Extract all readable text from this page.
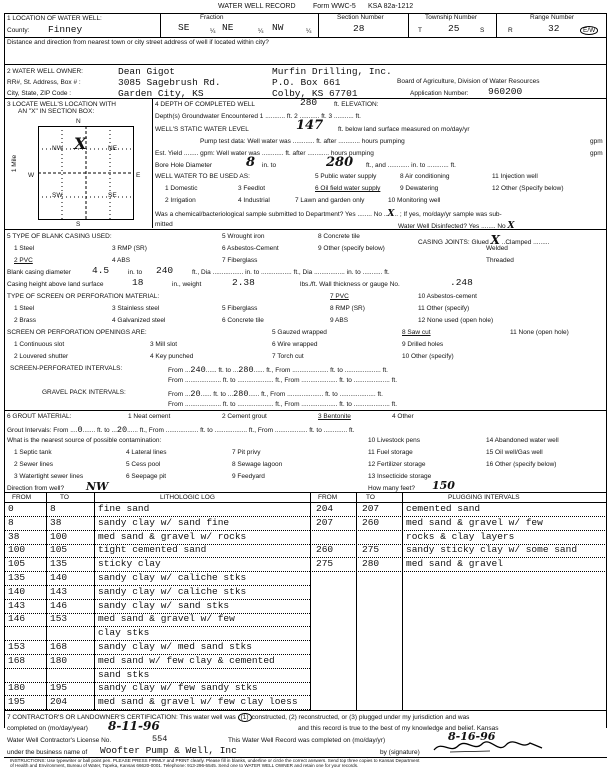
WATER WELL RECORD Form WWC-5 KSA 82a-1212
1 LOCATION OF WATER WELL:
County: Finney
Fraction
SE	¼ NE	¼ NW	¼
Section Number
28
Township Number
T	25	S
Range Number
R	32	E/W
Distance and direction from nearest town or city street address of well if located within city?
2 WATER WELL OWNER:	Dean Gigot
RR#, St. Address, Box # :	3085 Sagebrush Rd.
City, State, ZIP Code :	Garden City, KS
Murfin Drilling, Inc.
P.O. Box 661
Colby, KS 67701
Board of Agriculture, Division of Water Resources
Application Number: 960200
3 LOCATE WELL'S LOCATION WITH
AN "X" IN SECTION BOX:
N
W	E
S
1 Mile
NW	NE
SW	SE
X
4 DEPTH OF COMPLETED WELL	280	ft. ELEVATION:
Depth(s) Groundwater Encountered 1 ........... ft. 2 ........... ft. 3 ........... ft.
WELL'S STATIC WATER LEVEL	147 ft. below land surface measured on mo/day/yr
Pump test data: Well water was ............ ft. after ............ hours pumping	gpm
Est. Yield ........ gpm: Well water was ............ ft. after ............ hours pumping	gpm
Bore Hole Diameter	8 in. to	280 ft., and ............ in. to ............ ft.
WELL WATER TO BE USED AS:	5 Public water supply	8 Air conditioning	11 Injection well
1 Domestic	3 Feedlot	6 Oil field water supply	9 Dewatering	12 Other (Specify below)
2 Irrigation	4 Industrial	7 Lawn and garden only	10 Monitoring well
Was a chemical/bacteriological sample submitted to Department? Yes ........ No ..X.. ; If yes, mo/day/yr sample was sub-
mitted	Water Well Disinfected? Yes ........ No X
5 TYPE OF BLANK CASING USED:	5 Wrought iron	8 Concrete tile
CASING JOINTS: Glued X ..Clamped .........
1 Steel	3 RMP (SR)	6 Asbestos-Cement	9 Other (specify below)	Welded
2 PVC	4 ABS	7 Fiberglass	Threaded
Blank casing diameter 4.5	in. to 240	ft., Dia ................. in. to ................. ft., Dia ................. in. to ........... ft.
Casing height above land surface	18	in., weight	2.38	lbs./ft. Wall thickness or gauge No.	.248
TYPE OF SCREEN OR PERFORATION MATERIAL:	7 PVC	10 Asbestos-cement
1 Steel	3 Stainless steel	5 Fiberglass	8 RMP (SR)	11 Other (specify)
2 Brass	4 Galvanized steel	6 Concrete tile	9 ABS	12 None used (open hole)
SCREEN OR PERFORATION OPENINGS ARE:	5 Gauzed wrapped	8 Saw cut	11 None (open hole)
1 Continuous slot	3 Mill slot	6 Wire wrapped	9 Drilled holes
2 Louvered shutter	4 Key punched	7 Torch cut	10 Other (specify)
SCREEN-PERFORATED INTERVALS:	From ...240...... ft. to ...280...... ft., From .................... ft. to .................... ft.
From .................... ft. to .................... ft., From .................... ft. to .................... ft.
GRAVEL PACK INTERVALS:	From ...20...... ft. to ...280...... ft., From .................... ft. to .................... ft.
From .................... ft. to .................... ft., From .................... ft. to .................... ft.
6 GROUT MATERIAL:	1 Neat cement	2 Cement grout	3 Bentonite	4 Other
Grout Intervals: From ....0....... ft. to ...20...... ft., From .................. ft. to .................. ft., From .................. ft. to ............. ft.
What is the nearest source of possible contamination:	10 Livestock pens	14 Abandoned water well
1 Septic tank	4 Lateral lines	7 Pit privy	11 Fuel storage	15 Oil well/Gas well
2 Sewer lines	5 Cess pool	8 Sewage lagoon	12 Fertilizer storage	16 Other (specify below)
3 Watertight sewer lines	6 Seepage pit	9 Feedyard	13 Insecticide storage
Direction from well? NW	How many feet? 150
FROM	TO	LITHOLOGIC LOG	FROM	TO	PLUGGING INTERVALS
0	8	fine sand
8	38	sandy clay w/ sand fine
38	100	med sand & gravel w/ rocks
100	105	tight cemented sand
105	135	sticky clay
135	140	sandy clay w/ caliche stks
140	143	sandy clay w/ caliche stks
143	146	sandy clay w/ sand stks
146	153	med sand & gravel w/ few
clay stks
153	168	sandy clay w/ med sand stks
168	180	med sand w/ few clay & cemented
sand stks
180	195	sandy clay w/ few sandy stks
195	204	med sand & gravel w/ few clay loess
204	207	cemented sand
207	260	med sand & gravel w/ few
rocks & clay layers
260	275	sandy sticky clay w/ some sand
275	280	med sand & gravel
7 CONTRACTOR'S OR LANDOWNER'S CERTIFICATION: This water well was (1) constructed, (2) reconstructed, or (3) plugged under my jurisdiction and was
completed on (mo/day/year) 8-11-96	and this record is true to the best of my knowledge and belief. Kansas
Water Well Contractor's License No.	554	This Water Well Record was completed on (mo/day/yr)	8-16-96
under the business name of Woofter Pump & Well, Inc	by (signature)
INSTRUCTIONS: Use typewriter or ball point pen. PLEASE PRESS FIRMLY and PRINT clearly. Please fill in blanks, underline or circle the correct answers. Send top three copies to Kansas Department
of Health and Environment, Bureau of Water, Topeka, Kansas 66620-0001. Telephone: 913-296-5545. Send one to WATER WELL OWNER and retain one for your records.
